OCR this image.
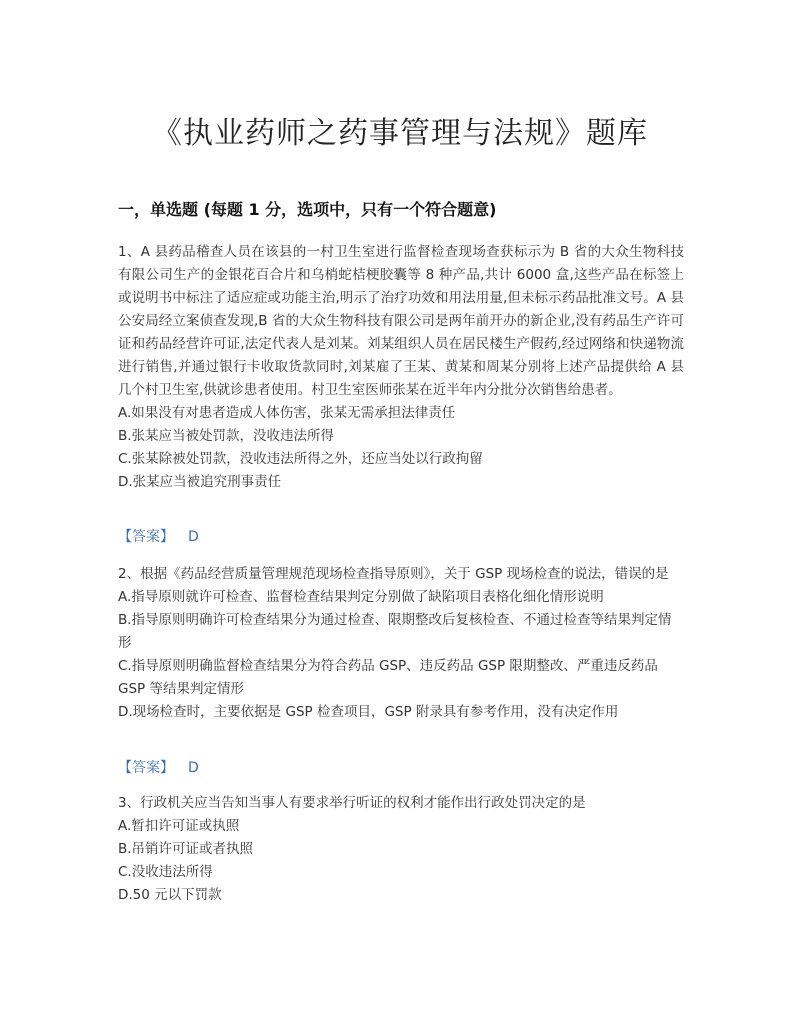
《执业药师之药事管理与法规》题库
一，单选题 (每题 1 分，选项中，只有一个符合题意)
1、A 县药品稽查人员在该县的一村卫生室进行监督检查现场查获标示为 B 省的大众生物科技有限公司生产的金银花百合片和乌梢蛇桔梗胶囊等 8 种产品,共计 6000 盒,这些产品在标签上或说明书中标注了适应症或功能主治,明示了治疗功效和用法用量,但未标示药品批准文号。A 县公安局经立案侦查发现,B 省的大众生物科技有限公司是两年前开办的新企业,没有药品生产许可证和药品经营许可证,法定代表人是刘某。刘某组织人员在居民楼生产假药,经过网络和快递物流进行销售,并通过银行卡收取货款同时,刘某雇了王某、黄某和周某分别将上述产品提供给 A 县几个村卫生室,供就诊患者使用。村卫生室医师张某在近半年内分批分次销售给患者。
A.如果没有对患者造成人体伤害，张某无需承担法律责任
B.张某应当被处罚款，没收违法所得
C.张某除被处罚款，没收违法所得之外，还应当处以行政拘留
D.张某应当被追究刑事责任
【答案】 D
2、根据《药品经营质量管理规范现场检查指导原则》，关于 GSP 现场检查的说法，错误的是
A.指导原则就许可检查、监督检查结果判定分别做了缺陷项目表格化细化情形说明
B.指导原则明确许可检查结果分为通过检查、限期整改后复核检查、不通过检查等结果判定情形
C.指导原则明确监督检查结果分为符合药品 GSP、违反药品 GSP 限期整改、严重违反药品 GSP 等结果判定情形
D.现场检查时，主要依据是 GSP 检查项目，GSP 附录具有参考作用，没有决定作用
【答案】 D
3、行政机关应当告知当事人有要求举行听证的权利才能作出行政处罚决定的是
A.暂扣许可证或执照
B.吊销许可证或者执照
C.没收违法所得
D.50 元以下罚款
